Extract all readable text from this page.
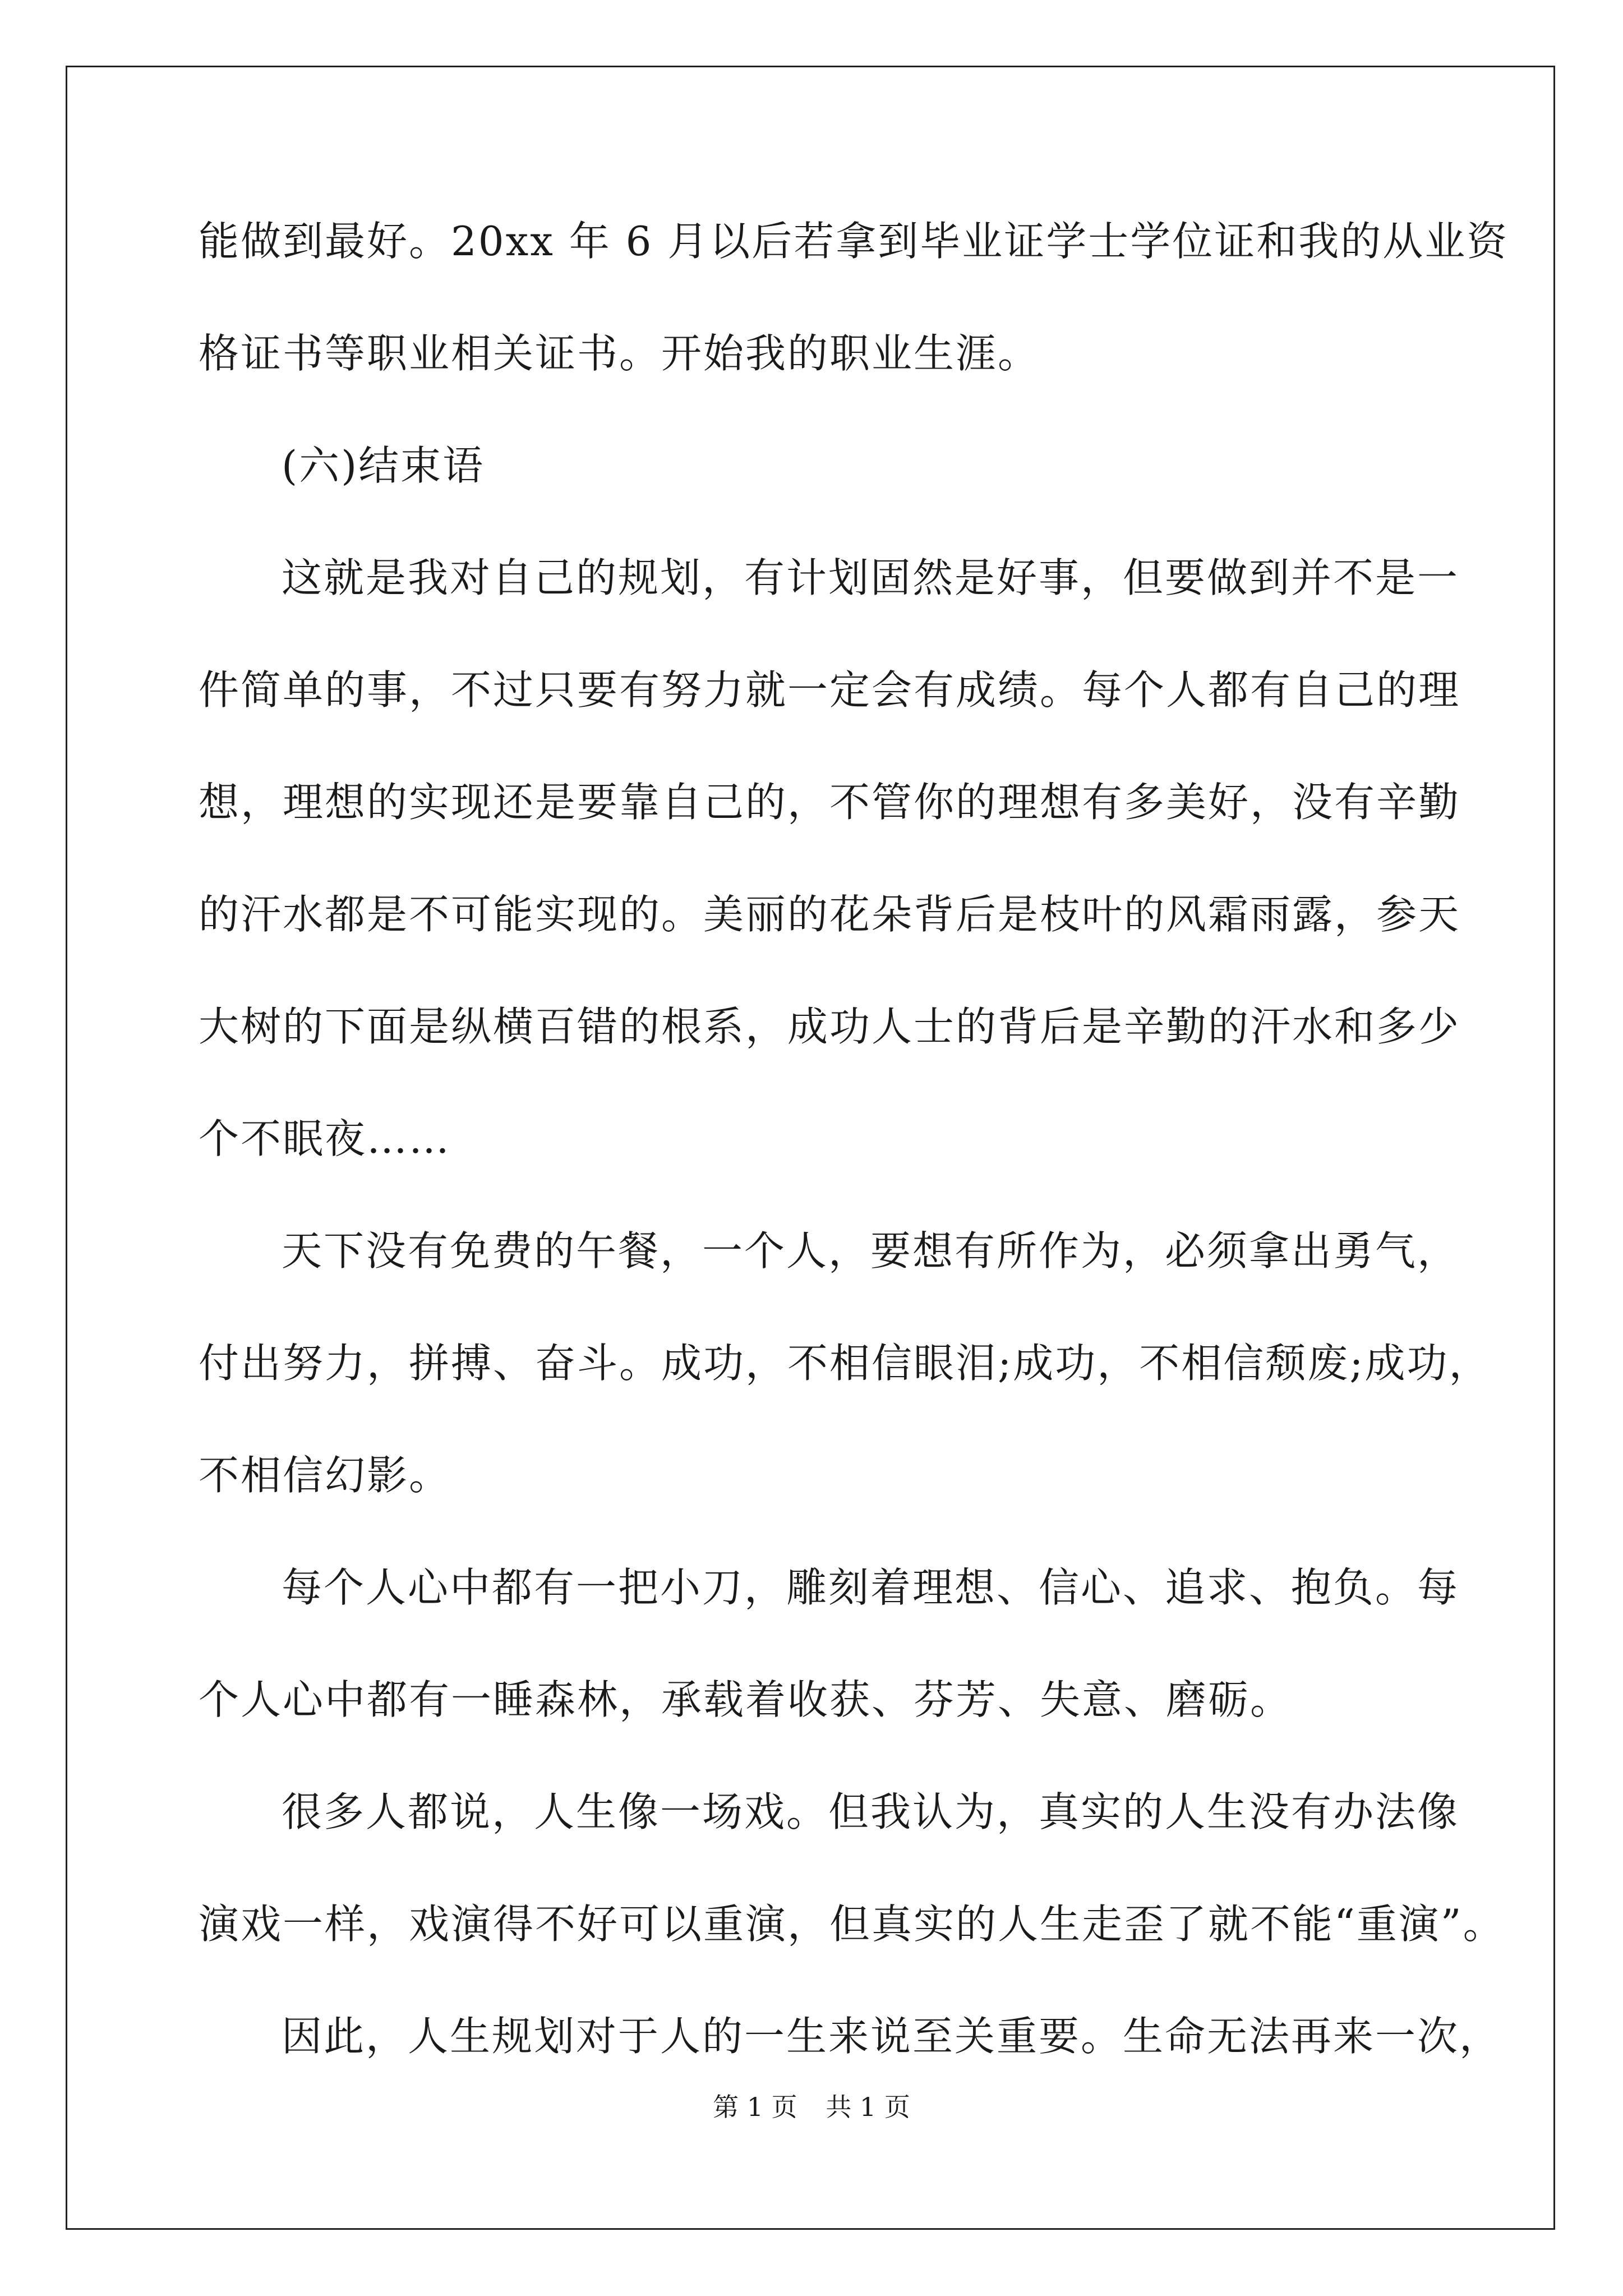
能做到最好。20xx 年 6 月以后若拿到毕业证学士学位证和我的从业资
格证书等职业相关证书。开始我的职业生涯。
(六)结束语
这就是我对自己的规划，有计划固然是好事，但要做到并不是一
件简单的事，不过只要有努力就一定会有成绩。每个人都有自己的理
想，理想的实现还是要靠自己的，不管你的理想有多美好，没有辛勤
的汗水都是不可能实现的。美丽的花朵背后是枝叶的风霜雨露，参天
大树的下面是纵横百错的根系，成功人士的背后是辛勤的汗水和多少
个不眠夜……
天下没有免费的午餐，一个人，要想有所作为，必须拿出勇气，
付出努力，拼搏、奋斗。成功，不相信眼泪;成功，不相信颓废;成功，
不相信幻影。
每个人心中都有一把小刀，雕刻着理想、信心、追求、抱负。每
个人心中都有一睡森林，承载着收获、芬芳、失意、磨砺。
很多人都说，人生像一场戏。但我认为，真实的人生没有办法像
演戏一样，戏演得不好可以重演，但真实的人生走歪了就不能“重演”。
因此，人生规划对于人的一生来说至关重要。生命无法再来一次，
第 1 页 共 1 页
